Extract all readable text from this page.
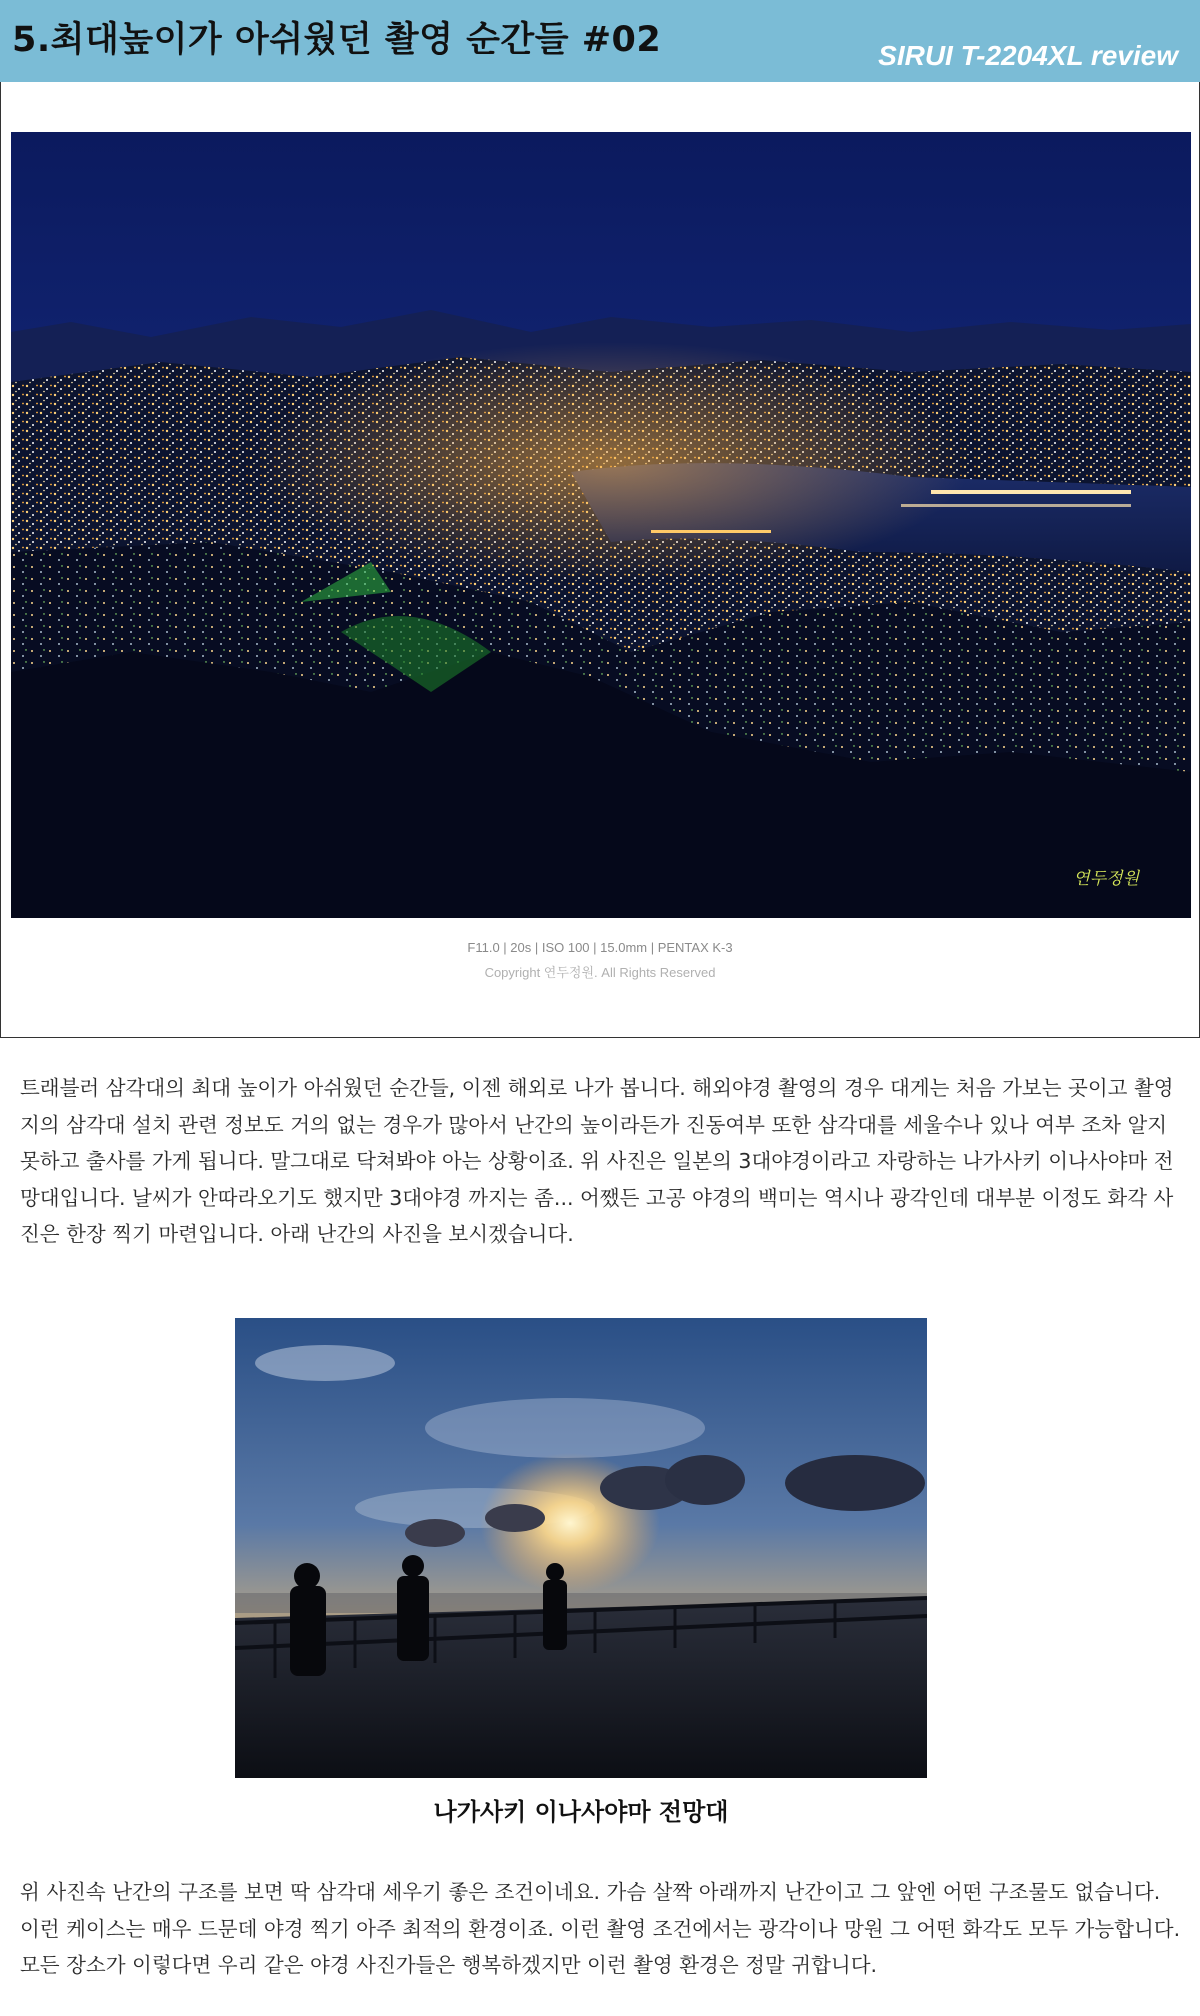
5.최대높이가 아쉬웠던 촬영 순간들 #02	SIRUI T-2204XL review
연두정원
F11.0 | 20s | ISO 100 | 15.0mm | PENTAX K-3
Copyright 연두정원. All Rights Reserved

트래블러 삼각대의 최대 높이가 아쉬웠던 순간들, 이젠 해외로 나가 봅니다. 해외야경 촬영의 경우 대게는 처음 가보는 곳이고 촬영지의 삼각대 설치 관련 정보도 거의 없는 경우가 많아서 난간의 높이라든가 진동여부 또한 삼각대를 세울수나 있나 여부 조차 알지 못하고 출사를 가게 됩니다. 말그대로 닥쳐봐야 아는 상황이죠. 위 사진은 일본의 3대야경이라고 자랑하는 나가사키 이나사야마 전망대입니다. 날씨가 안따라오기도 했지만 3대야경 까지는 좀... 어쨌든 고공 야경의 백미는 역시나 광각인데 대부분 이정도 화각 사진은 한장 찍기 마련입니다. 아래 난간의 사진을 보시겠습니다.

나가사키 이나사야마 전망대

위 사진속 난간의 구조를 보면 딱 삼각대 세우기 좋은 조건이네요. 가슴 살짝 아래까지 난간이고 그 앞엔 어떤 구조물도 없습니다. 이런 케이스는 매우 드문데 야경 찍기 아주 최적의 환경이죠. 이런 촬영 조건에서는 광각이나 망원 그 어떤 화각도 모두 가능합니다. 모든 장소가 이렇다면 우리 같은 야경 사진가들은 행복하겠지만 이런 촬영 환경은 정말 귀합니다.
